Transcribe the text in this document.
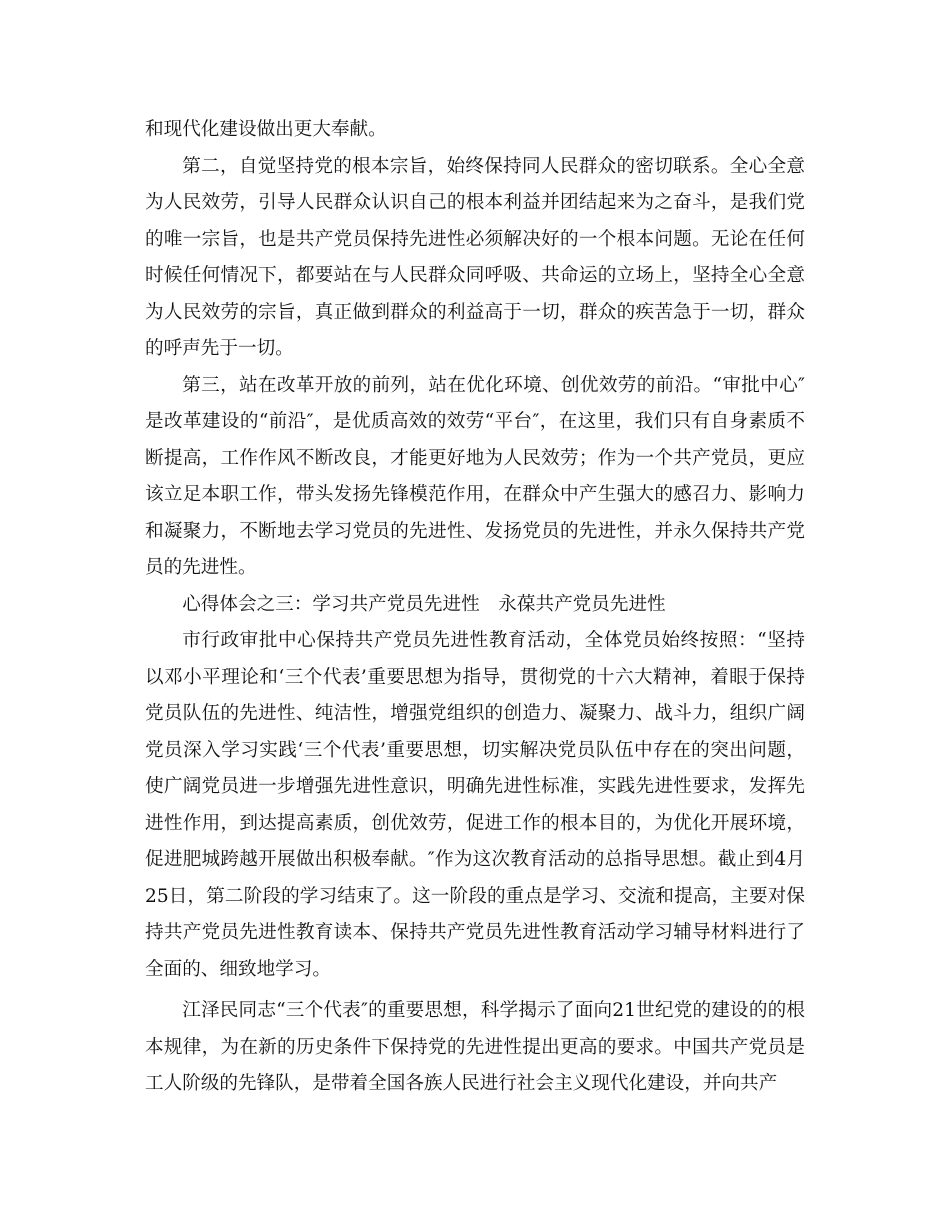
和现代化建设做出更大奉献。

第二，自觉坚持党的根本宗旨，始终保持同人民群众的密切联系。全心全意为人民效劳，引导人民群众认识自己的根本利益并团结起来为之奋斗，是我们党的唯一宗旨，也是共产党员保持先进性必须解决好的一个根本问题。无论在任何时候任何情况下，都要站在与人民群众同呼吸、共命运的立场上，坚持全心全意为人民效劳的宗旨，真正做到群众的利益高于一切，群众的疾苦急于一切，群众的呼声先于一切。

第三，站在改革开放的前列，站在优化环境、创优效劳的前沿。“审批中心″是改革建设的“前沿″，是优质高效的效劳“平台″，在这里，我们只有自身素质不断提高，工作作风不断改良，才能更好地为人民效劳；作为一个共产党员，更应该立足本职工作，带头发扬先锋模范作用，在群众中产生强大的感召力、影响力和凝聚力，不断地去学习党员的先进性、发扬党员的先进性，并永久保持共产党员的先进性。

心得体会之三：学习共产党员先进性　永葆共产党员先进性

市行政审批中心保持共产党员先进性教育活动，全体党员始终按照：“坚持以邓小平理论和‘三个代表’重要思想为指导，贯彻党的十六大精神，着眼于保持党员队伍的先进性、纯洁性，增强党组织的创造力、凝聚力、战斗力，组织广阔党员深入学习实践‘三个代表’重要思想，切实解决党员队伍中存在的突出问题，使广阔党员进一步增强先进性意识，明确先进性标准，实践先进性要求，发挥先进性作用，到达提高素质，创优效劳，促进工作的根本目的，为优化开展环境，促进肥城跨越开展做出积极奉献。″作为这次教育活动的总指导思想。截止到4月25日，第二阶段的学习结束了。这一阶段的重点是学习、交流和提高，主要对保持共产党员先进性教育读本、保持共产党员先进性教育活动学习辅导材料进行了全面的、细致地学习。

江泽民同志“三个代表″的重要思想，科学揭示了面向21世纪党的建设的的根本规律，为在新的历史条件下保持党的先进性提出更高的要求。中国共产党员是工人阶级的先锋队，是带着全国各族人民进行社会主义现代化建设，并向共产
